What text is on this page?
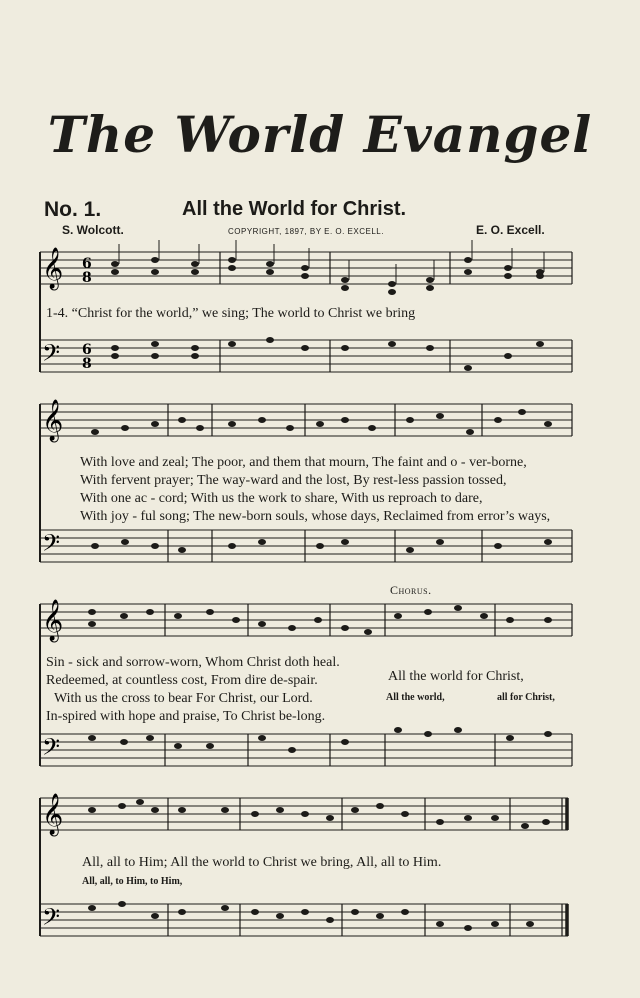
The World Evangel
No. 1.	All the World for Christ.
S. Wolcott.	COPYRIGHT, 1897, BY E. O. EXCELL.	E. O. Excell.
𝄞
𝄢
6
8
6
8
1-4. “Christ for the world,” we sing; The world to Christ we bring
𝄞
𝄢
With love and zeal; The poor, and them that mourn, The faint and o - ver-borne,
With fervent prayer; The way-ward and the lost, By rest-less passion tossed,
With one ac - cord; With us the work to share, With us reproach to dare,
With joy - ful song; The new-born souls, whose days, Reclaimed from error’s ways,
Chorus.
𝄞
𝄢
Sin - sick and sorrow-worn, Whom Christ doth heal.
Redeemed, at countless cost, From dire de-spair.
With us the cross to bear For Christ, our Lord.
In-spired with hope and praise, To Christ be-long.
All the world for Christ,
All the world,	all for Christ,
𝄞
𝄢
All, all to Him; All the world to Christ we bring, All, all to Him.
All, all, to Him, to Him,
